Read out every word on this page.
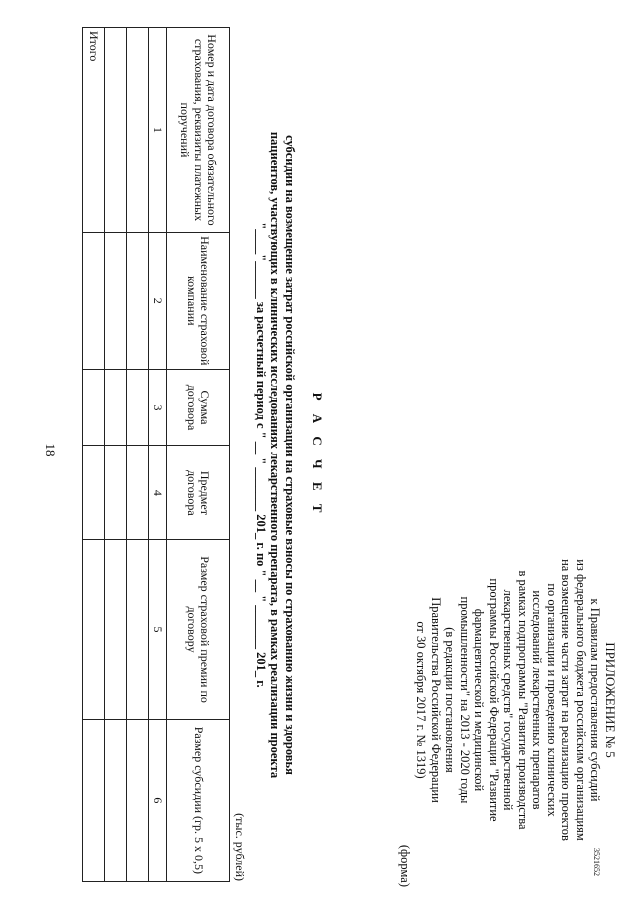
18
3521652
ПРИЛОЖЕНИЕ № 5
к Правилам предоставления субсидий
из федерального бюджета российским организациям
на возмещение части затрат на реализацию проектов
по организации и проведению клинических
исследований лекарственных препаратов
в рамках подпрограммы "Развитие производства
лекарственных средств" государственной
программы Российской Федерации "Развитие
фармацевтической и медицинской
промышленности" на 2013 - 2020 годы
(в редакции постановления
Правительства Российской Федерации
от 30 октября 2017 г. № 1319)
(форма)
Р А С Ч Е Т
субсидии на возмещение затрат российской организации на страховые взносы по страхованию жизни и здоровья
пациентов, участвующих в клинических исследованиях лекарственного препарата, в рамках реализации проекта
"____"______ за расчетный период с " __ " _______ 201_ г. по " __ " _______ 201_ г.
(тыс. рублей)
Номер и дата договора обязательного страхования, реквизиты платежных поручений	Наименование страховой компании	Сумма договора	Предмет договора	Размер страховой премии по договору	Размер субсидии (гр. 5 х 0,5)
1	2	3	4	5	6

Итого					
